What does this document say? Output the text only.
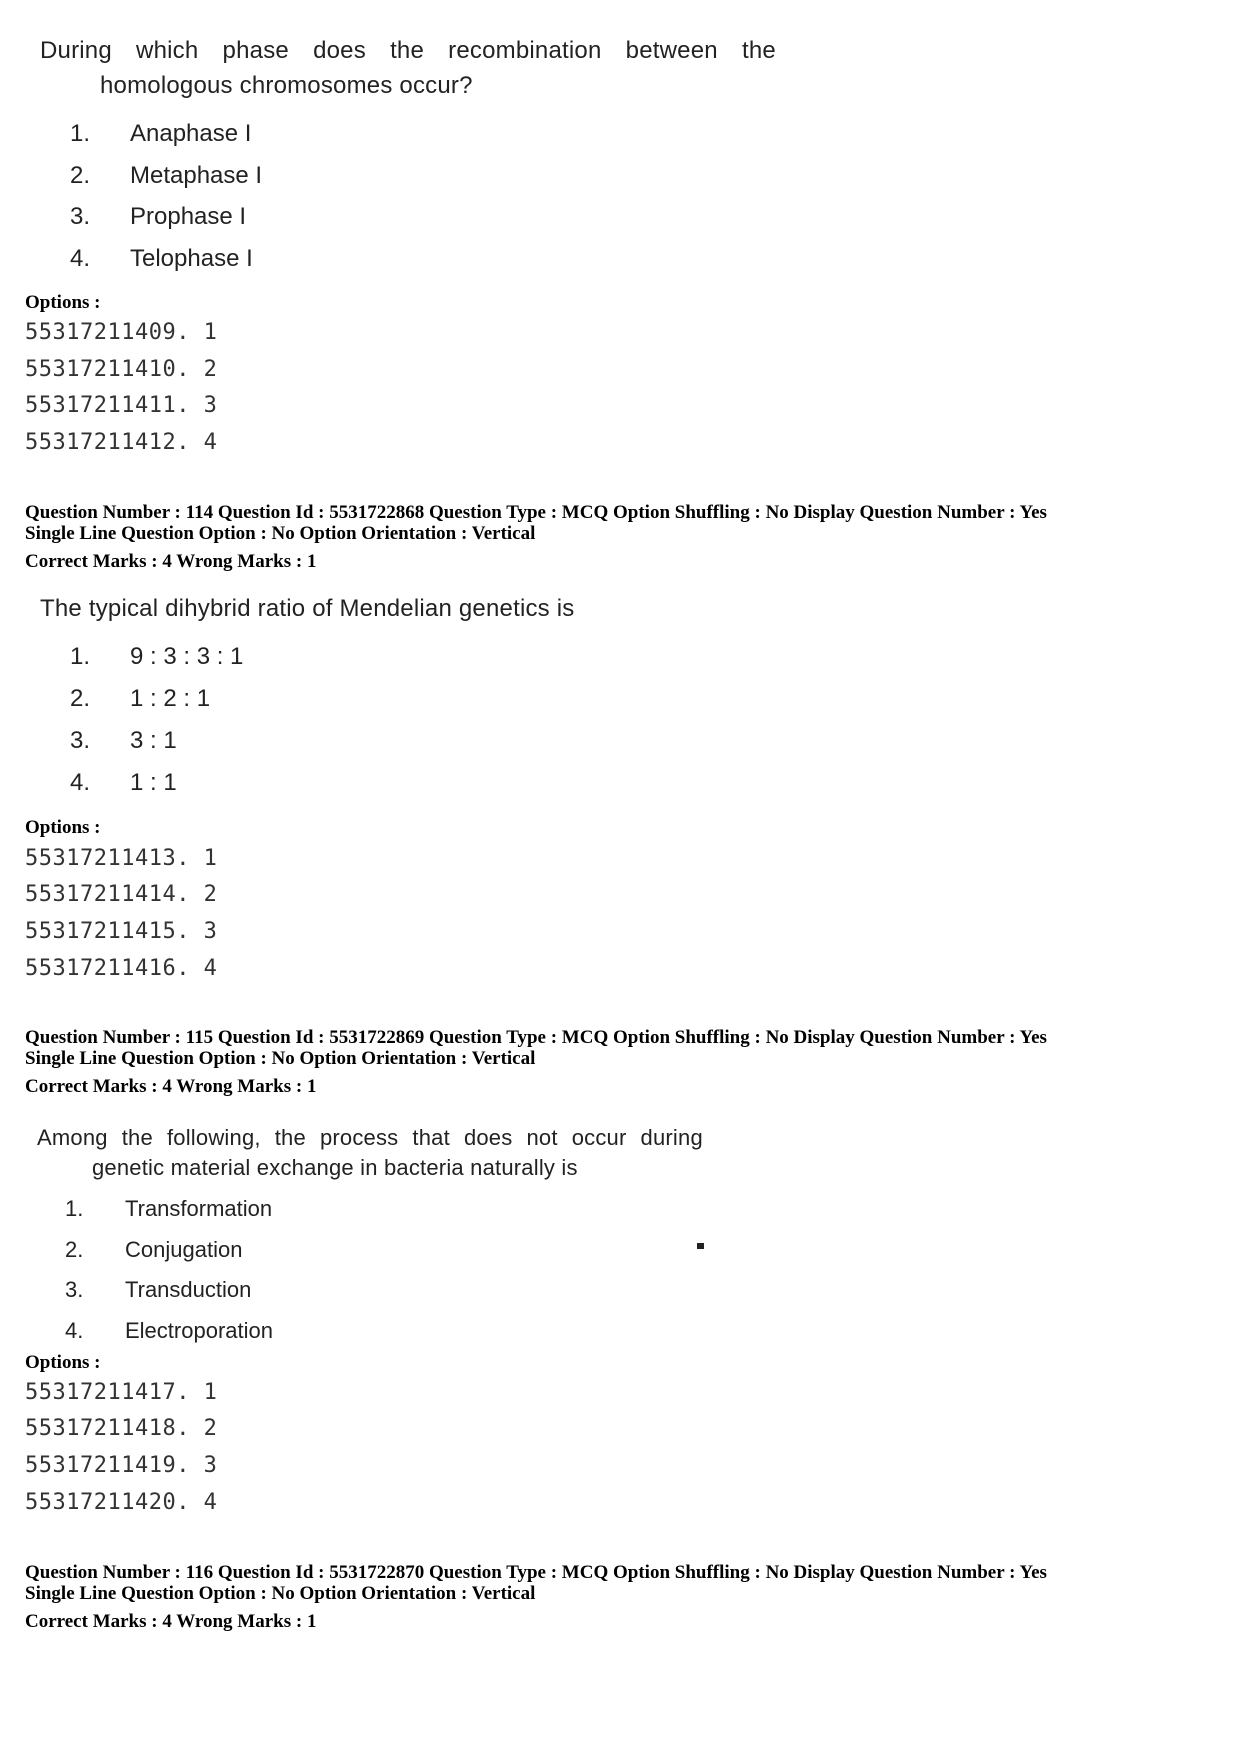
During which phase does the recombination between the
homologous chromosomes occur?
1.	Anaphase I
2.	Metaphase I
3.	Prophase I
4.	Telophase I
Options :
55317211409. 1
55317211410. 2
55317211411. 3
55317211412. 4
Question Number : 114 Question Id : 5531722868 Question Type : MCQ Option Shuffling : No Display Question Number : Yes
Single Line Question Option : No Option Orientation : Vertical
Correct Marks : 4 Wrong Marks : 1
The typical dihybrid ratio of Mendelian genetics is
1.	9 : 3 : 3 : 1
2.	1 : 2 : 1
3.	3 : 1
4.	1 : 1
Options :
55317211413. 1
55317211414. 2
55317211415. 3
55317211416. 4
Question Number : 115 Question Id : 5531722869 Question Type : MCQ Option Shuffling : No Display Question Number : Yes
Single Line Question Option : No Option Orientation : Vertical
Correct Marks : 4 Wrong Marks : 1
Among the following, the process that does not occur during
genetic material exchange in bacteria naturally is
1.	Transformation
2.	Conjugation
3.	Transduction
4.	Electroporation
Options :
55317211417. 1
55317211418. 2
55317211419. 3
55317211420. 4
Question Number : 116 Question Id : 5531722870 Question Type : MCQ Option Shuffling : No Display Question Number : Yes
Single Line Question Option : No Option Orientation : Vertical
Correct Marks : 4 Wrong Marks : 1
